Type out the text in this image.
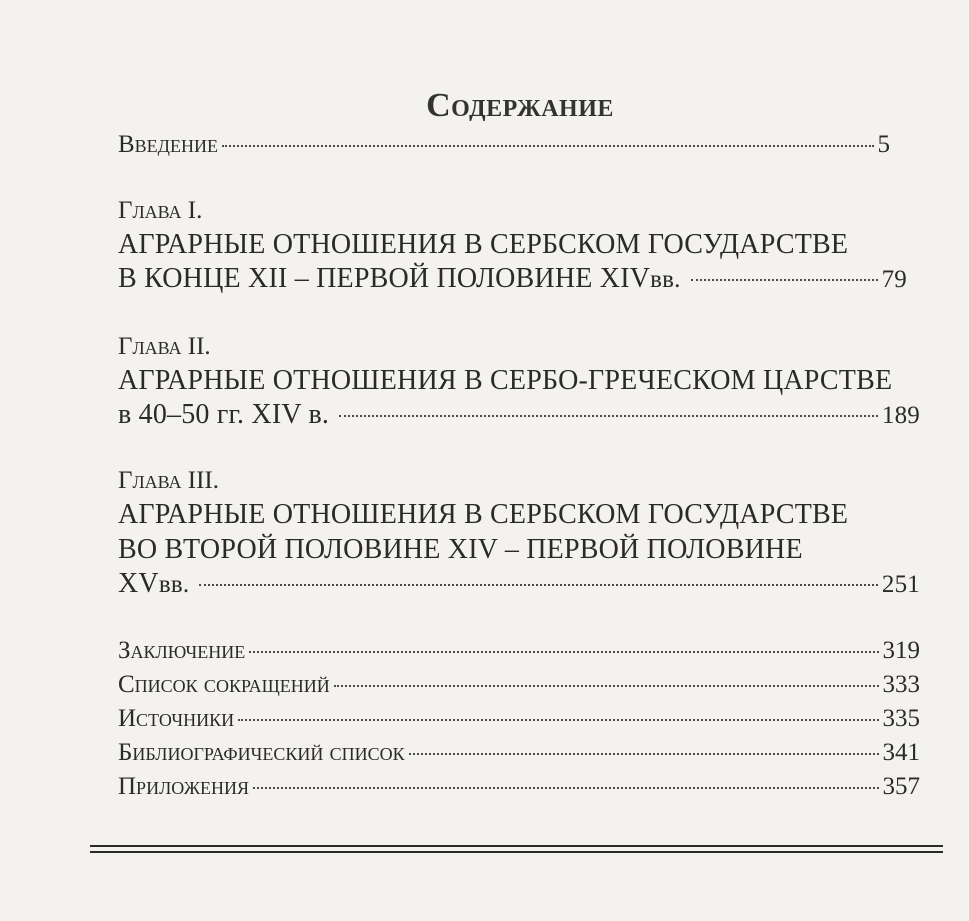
Содержание
Введение	5
Глава I.
АГРАРНЫЕ ОТНОШЕНИЯ В СЕРБСКОМ ГОСУДАРСТВЕ
В КОНЦЕ XII – ПЕРВОЙ ПОЛОВИНЕ XIV вв.	79
Глава II.
АГРАРНЫЕ ОТНОШЕНИЯ В СЕРБО-ГРЕЧЕСКОМ ЦАРСТВЕ
в 40–50 гг. XIV в.	189
Глава III.
АГРАРНЫЕ ОТНОШЕНИЯ В СЕРБСКОМ ГОСУДАРСТВЕ
ВО ВТОРОЙ ПОЛОВИНЕ XIV – ПЕРВОЙ ПОЛОВИНЕ
XV вв.	251
Заключение	319
Список сокращений	333
Источники	335
Библиографический список	341
Приложения	357
